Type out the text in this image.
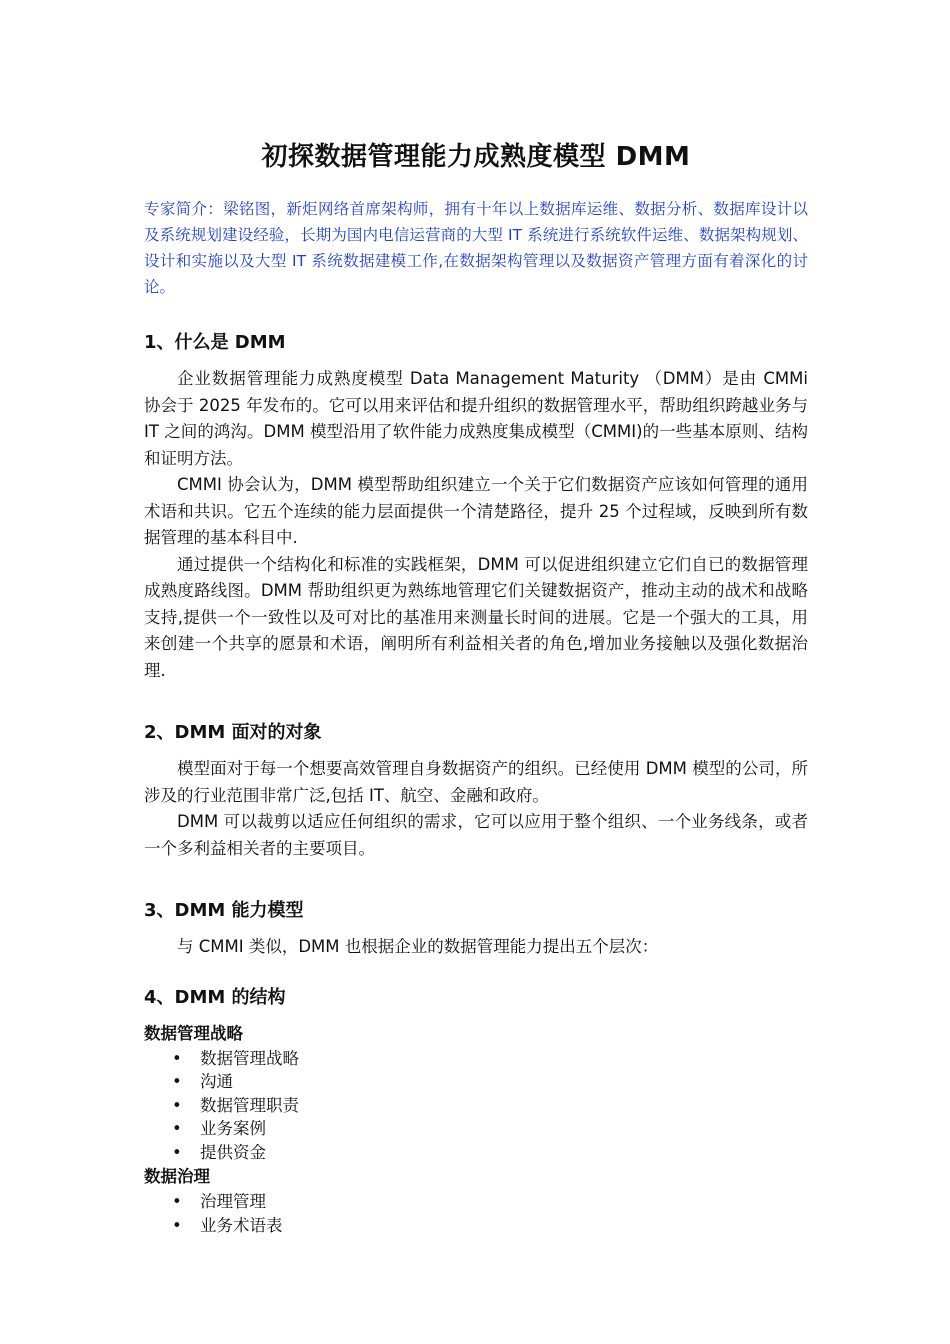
初探数据管理能力成熟度模型 DMM

专家简介：梁铭图，新炬网络首席架构师，拥有十年以上数据库运维、数据分析、数据库设计以及系统规划建设经验，长期为国内电信运营商的大型 IT 系统进行系统软件运维、数据架构规划、设计和实施以及大型 IT 系统数据建模工作,在数据架构管理以及数据资产管理方面有着深化的讨论。

1、什么是 DMM

企业数据管理能力成熟度模型 Data Management Maturity （DMM）是由 CMMi 协会于 2025 年发布的。它可以用来评估和提升组织的数据管理水平，帮助组织跨越业务与 IT 之间的鸿沟。DMM 模型沿用了软件能力成熟度集成模型（CMMI)的一些基本原则、结构和证明方法。

CMMI 协会认为，DMM 模型帮助组织建立一个关于它们数据资产应该如何管理的通用术语和共识。它五个连续的能力层面提供一个清楚路径，提升 25 个过程域，反映到所有数据管理的基本科目中.

通过提供一个结构化和标准的实践框架，DMM 可以促进组织建立它们自已的数据管理成熟度路线图。DMM 帮助组织更为熟练地管理它们关键数据资产，推动主动的战术和战略支持,提供一个一致性以及可对比的基准用来测量长时间的进展。它是一个强大的工具，用来创建一个共享的愿景和术语，阐明所有利益相关者的角色,增加业务接触以及强化数据治理.

2、DMM 面对的对象

模型面对于每一个想要高效管理自身数据资产的组织。已经使用 DMM 模型的公司，所涉及的行业范围非常广泛,包括 IT、航空、金融和政府。

DMM 可以裁剪以适应任何组织的需求，它可以应用于整个组织、一个业务线条，或者一个多利益相关者的主要项目。

3、DMM 能力模型

与 CMMI 类似，DMM 也根据企业的数据管理能力提出五个层次：

4、DMM 的结构
数据管理战略
• 数据管理战略
• 沟通
• 数据管理职责
• 业务案例
• 提供资金
数据治理
• 治理管理
• 业务术语表
